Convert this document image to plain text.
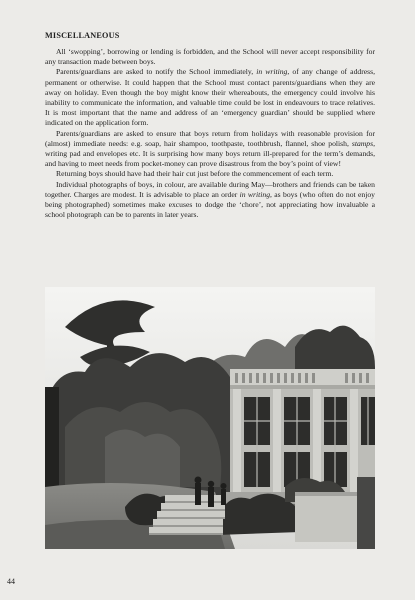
MISCELLANEOUS

All ‘swopping’, borrowing or lending is forbidden, and the School will never accept responsibility for any transaction made between boys.

Parents/guardians are asked to notify the School immediately, in writing, of any change of address, permanent or otherwise. It could happen that the School must contact parents/guardians when they are away on holiday. Even though the boy might know their whereabouts, the emergency could involve his inability to communicate the information, and valuable time could be lost in endeavours to trace relatives. It is most important that the name and address of an ‘emergency guardian’ should be supplied where indicated on the application form.

Parents/guardians are asked to ensure that boys return from holidays with reasonable provision for (almost) immediate needs: e.g. soap, hair shampoo, toothpaste, toothbrush, flannel, shoe polish, stamps, writing pad and envelopes etc. It is surprising how many boys return ill-prepared for the term’s demands, and having to meet needs from pocket-money can prove disastrous from the boy’s point of view!

Returning boys should have had their hair cut just before the commencement of each term.

Individual photographs of boys, in colour, are available during May—brothers and friends can be taken together. Charges are modest. It is advisable to place an order in writing, as boys (who often do not enjoy being photographed) sometimes make excuses to dodge the ‘chore’, not appreciating how invaluable a school photograph can be to parents in later years.

44
